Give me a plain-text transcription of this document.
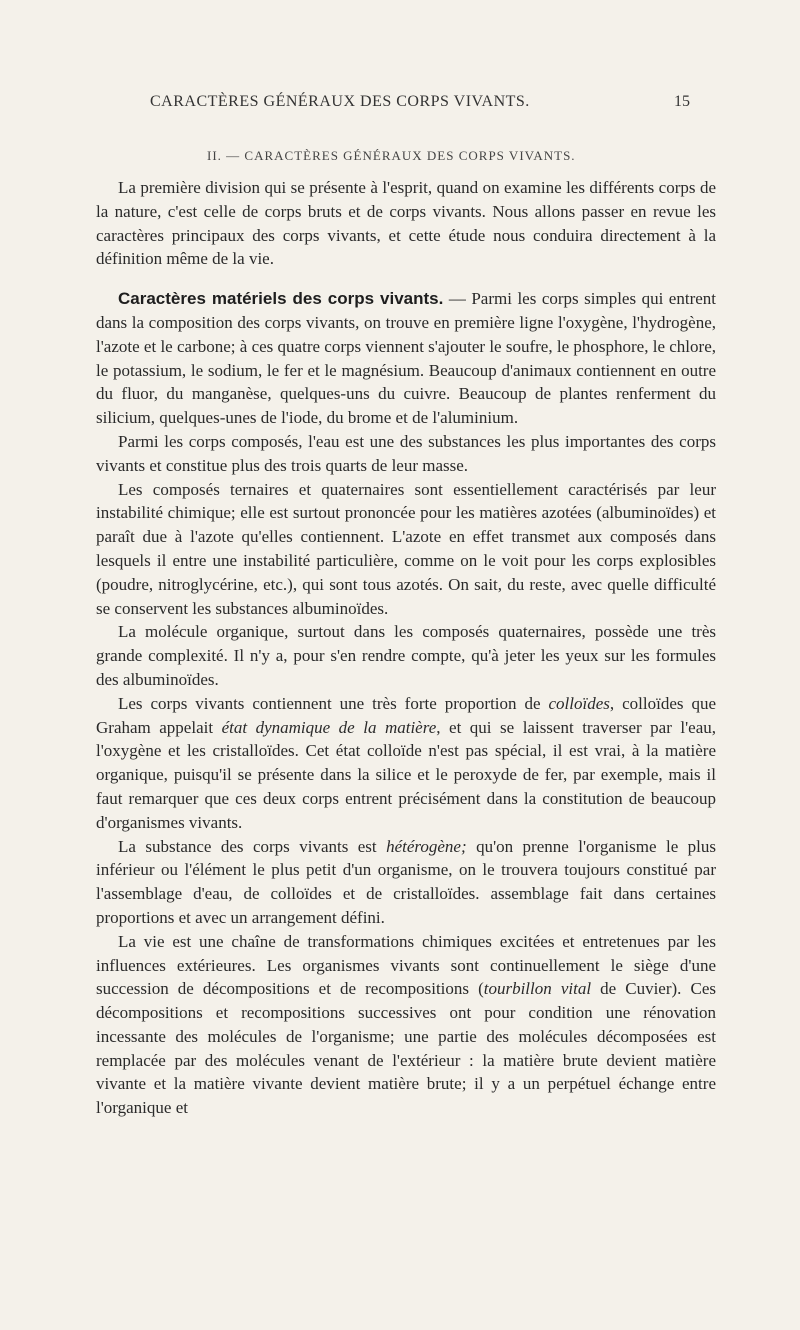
CARACTÈRES GÉNÉRAUX DES CORPS VIVANTS.	15
II. — CARACTÈRES GÉNÉRAUX DES CORPS VIVANTS.

La première division qui se présente à l'esprit, quand on examine les différents corps de la nature, c'est celle de corps bruts et de corps vivants. Nous allons passer en revue les caractères principaux des corps vivants, et cette étude nous conduira directement à la définition même de la vie.

Caractères matériels des corps vivants. — Parmi les corps simples qui entrent dans la composition des corps vivants, on trouve en première ligne l'oxygène, l'hydrogène, l'azote et le carbone; à ces quatre corps viennent s'ajouter le soufre, le phosphore, le chlore, le potassium, le sodium, le fer et le magnésium. Beaucoup d'animaux contiennent en outre du fluor, du manganèse, quelques-uns du cuivre. Beaucoup de plantes renferment du silicium, quelques-unes de l'iode, du brome et de l'aluminium.

Parmi les corps composés, l'eau est une des substances les plus importantes des corps vivants et constitue plus des trois quarts de leur masse.

Les composés ternaires et quaternaires sont essentiellement caractérisés par leur instabilité chimique; elle est surtout prononcée pour les matières azotées (albuminoïdes) et paraît due à l'azote qu'elles contiennent. L'azote en effet transmet aux composés dans lesquels il entre une instabilité particulière, comme on le voit pour les corps explosibles (poudre, nitroglycérine, etc.), qui sont tous azotés. On sait, du reste, avec quelle difficulté se conservent les substances albuminoïdes.

La molécule organique, surtout dans les composés quaternaires, possède une très grande complexité. Il n'y a, pour s'en rendre compte, qu'à jeter les yeux sur les formules des albuminoïdes.

Les corps vivants contiennent une très forte proportion de colloïdes, colloïdes que Graham appelait état dynamique de la matière, et qui se laissent traverser par l'eau, l'oxygène et les cristalloïdes. Cet état colloïde n'est pas spécial, il est vrai, à la matière organique, puisqu'il se présente dans la silice et le peroxyde de fer, par exemple, mais il faut remarquer que ces deux corps entrent précisément dans la constitution de beaucoup d'organismes vivants.

La substance des corps vivants est hétérogène; qu'on prenne l'organisme le plus inférieur ou l'élément le plus petit d'un organisme, on le trouvera toujours constitué par l'assemblage d'eau, de colloïdes et de cristalloïdes. assemblage fait dans certaines proportions et avec un arrangement défini.

La vie est une chaîne de transformations chimiques excitées et entretenues par les influences extérieures. Les organismes vivants sont continuellement le siège d'une succession de décompositions et de recompositions (tourbillon vital de Cuvier). Ces décompositions et recompositions successives ont pour condition une rénovation incessante des molécules de l'organisme; une partie des molécules décomposées est remplacée par des molécules venant de l'extérieur : la matière brute devient matière vivante et la matière vivante devient matière brute; il y a un perpétuel échange entre l'organique et
